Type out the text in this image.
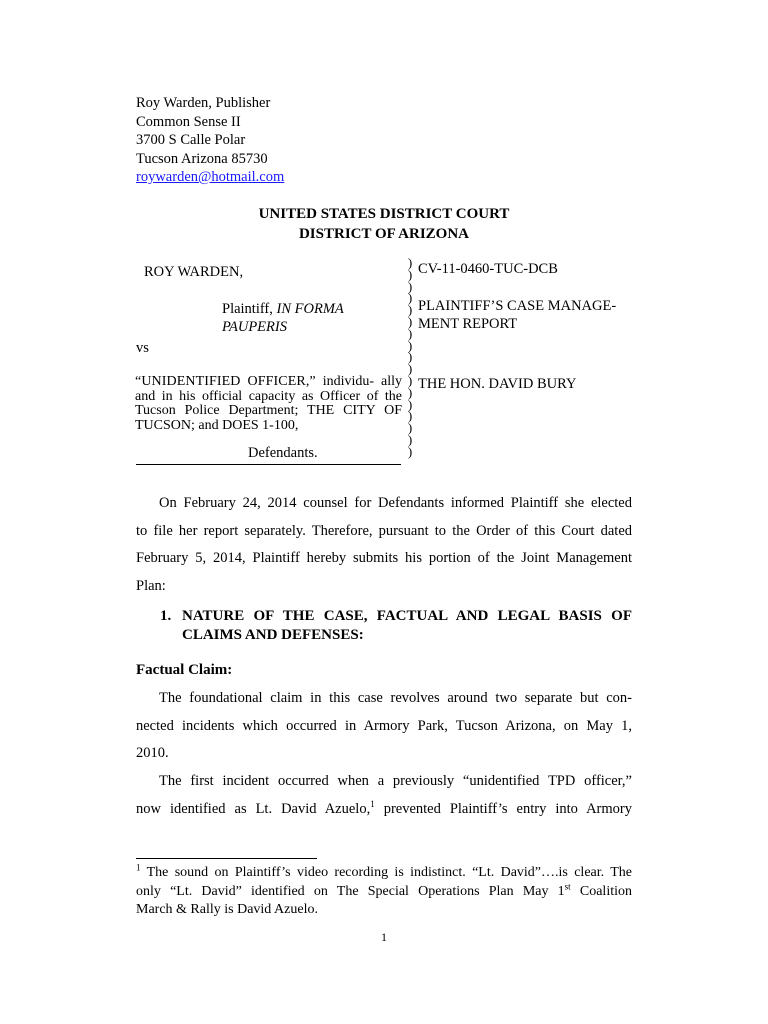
Roy Warden, Publisher
Common Sense II
3700 S Calle Polar
Tucson Arizona 85730
roywarden@hotmail.com
UNITED STATES DISTRICT COURT
DISTRICT OF ARIZONA
ROY WARDEN,
Plaintiff, IN FORMA
PAUPERIS
vs
“UNIDENTIFIED OFFICER,” individu- ally and in his official capacity as Officer of the Tucson Police Department; THE CITY OF TUCSON; and DOES 1-100,
Defendants.
)
)
)
)
)
)
)
)
)
)
)
)
)
)
)
)
)
CV-11-0460-TUC-DCB
PLAINTIFF’S CASE MANAGE-
MENT REPORT
THE HON. DAVID BURY
On February 24, 2014 counsel for Defendants informed Plaintiff she elected
to file her report separately. Therefore, pursuant to the Order of this Court dated
February 5, 2014, Plaintiff hereby submits his portion of the Joint Management
Plan:
1. NATURE OF THE CASE, FACTUAL AND LEGAL BASIS OF
CLAIMS AND DEFENSES:
Factual Claim:
The foundational claim in this case revolves around two separate but con-
nected incidents which occurred in Armory Park, Tucson Arizona, on May 1,
2010.
The first incident occurred when a previously “unidentified TPD officer,”
now identified as Lt. David Azuelo,$^1$ prevented Plaintiff’s entry into Armory
$^1$ The sound on Plaintiff’s video recording is indistinct. “Lt. David”….is clear. The
only “Lt. David” identified on The Special Operations Plan May 1st Coalition
March & Rally is David Azuelo.
1
